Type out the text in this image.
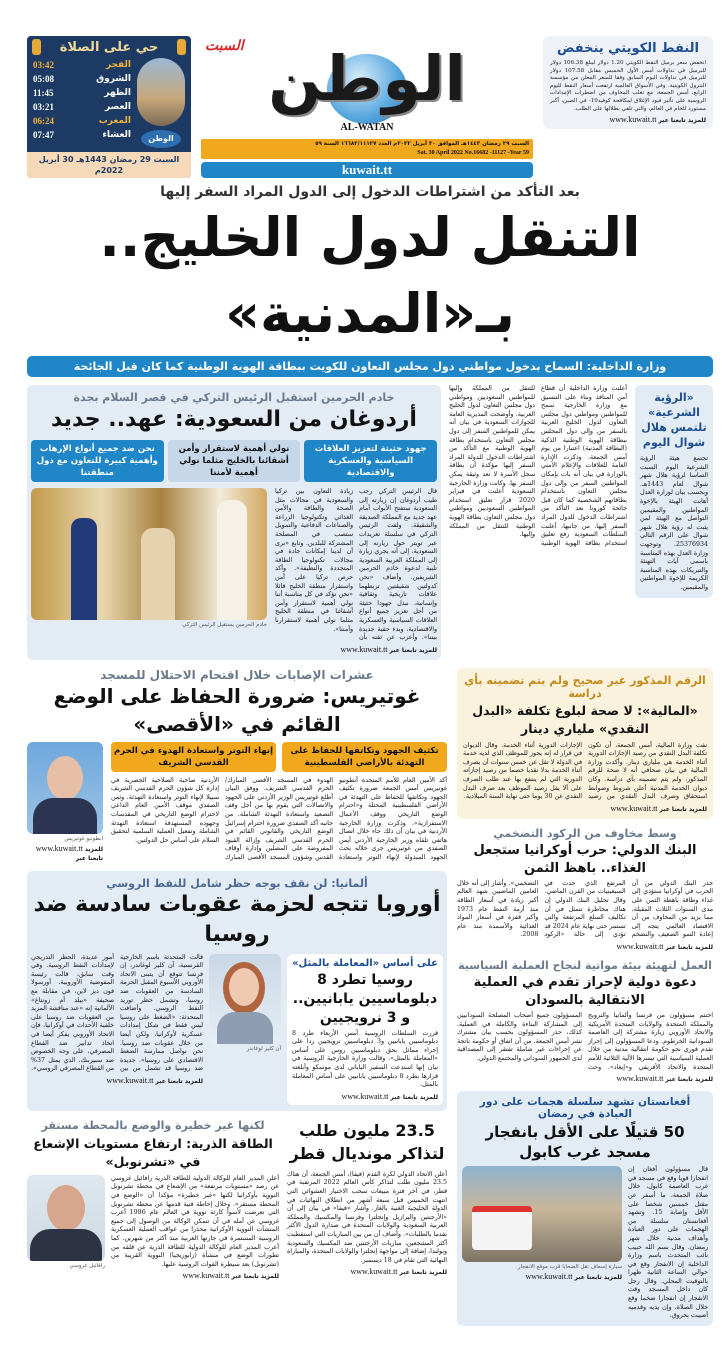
النفط الكويتي ينخفض
انخفض سعر برميل النفط الكويتي 1.20 دولار ليبلغ 106.38 دولار للبرميل في تداولات أمس الأول الخميس مقابل 107.58 دولار للبرميل في تداولات اليوم السابق وفقا للسعر المعلن من مؤسسة البترول الكويتية. وفي الأسواق العالمية ارتفعت أسعار النفط لليوم الرابع، أمس الجمعة، مع تغلب المخاوف من اضطراب الإمدادات الروسية على تأثير قيود الإغلاق لمكافحة كوفيد19- في الصين، أكبر مستورد للخام في العالم، والتي تلقي بظلالها على الطلب.
www.kuwait.tt للمزيد تابعنا عبر
الوطن
السبت
AL-WATAN
السبت ٢٩ رمضان ١٤٤٣هـ الموافق ٣٠ أبريل ٢٠٢٢م العدد ١٦٦٨٢/١١١٢٧ السنة ٥٩
Sat. 30 April 2022 No.16682 -11127 -Year 59
kuwait.tt
حي على الصلاة
الوطن
الفجر
03:42
الشروق
05:08
الظهر
11:45
العصر
03:21
المغرب
06:24
العشاء
07:47
السبت 29 رمضان 1443هـ 30 أبريل 2022م
بعد التأكد من اشتراطات الدخول إلى الدول المراد السفر إليها
التنقل لدول الخليج.. بـ«المدنية»
وزارة الداخلية: السماح بدخول مواطني دول مجلس التعاون للكويت ببطاقة الهوية الوطنية كما كان قبل الجائحة
«الرؤية الشرعية» تلتمس هلال شوال اليوم
تجتمع هيئة الرؤية الشرعية اليوم السبت التماسا لرؤية هلال شهر شوال لعام 1443هـ. وبحسب بيان لوزارة العدل أهابت الهيئة بالإخوة المواطنين والمقيمين التواصل مع الهيئة لمن يثبت له رؤية هلال شهر شوال على الرقم التالي 25376934. وتوجهت وزارة العدل بهذه المناسبة باسمى آيات التهنئة والتبريكات بهذه المناسبة الكريمة للإخوة المواطنين والمقيمين.
أعلنت وزارة الداخلية أن قطاع أمن المنافذ وبناء على التنسيق مع وزارة الخارجية سمح للمواطنين ومواطني دول مجلس التعاون لدول الخليج العربية بالسفر من وإلى دول المجلس ببطاقة الهوية الوطنية الذكية (البطاقة المدنية) اعتبارا من يوم أمس الجمعة. وذكرت الإدارة العامة للعلاقات والإعلام الأمني بالوزارة في بيان أنه بات بإمكان المواطنين السفر من وإلى دول مجلس التعاون باستخدام بطاقاتهم الشخصية كما كان قبل جائحة كورونا بعد التأكد من اشتراطات الدخول للدول المراد السفر إليها. من جانبها، أعلنت السلطات السعودية رفع تعليق استخدام بطاقة الهوية الوطنية للتنقل من المملكة وإليها للمواطنين السعوديين ومواطني دول مجلس التعاون لدول الخليج العربية. وأوضحت المديرية العامة للجوازات السعودية في بيان أنه يمكن للمواطنين السفر إلى دول مجلس التعاون باستخدام بطاقة الهوية الوطنية مع التأكد من اشتراطات الدخول للدولة المراد السفر إليها مؤكدة أن بطاقة سجل الأسرة لا تعد وثيقة يمكن السفر بها. وكانت وزارة الخارجية السعودية أعلنت في فبراير 2020 قرار تعليق استخدام المواطنين السعوديين ومواطني دول مجلس التعاون بطاقة الهوية الوطنية للتنقل من المملكة وإليها.
خادم الحرمين استقبل الرئيس التركي في قصر السلام بجدة
أردوغان من السعودية: عهد.. جديد
جهود حثيثة لتعزيز العلاقات السياسية والعسكرية والاقتصادية
نولي أهمية لاستقرار وأمن أشقائنا بالخليج مثلما نولي أهمية لأمننا
نحن ضد جميع أنواع الإرهاب وأهمية كبيرة للتعاون مع دول منطقتنا
قال الرئيس التركي رجب طيب أردوغان إن زيارته إلى السعودية ستفتح الأبواب أمام عهد جديد مع المملكة الصديقة والشقيقة. ولفت الرئيس التركي في سلسلة تغريدات عبر تويتر حول زيارته إلى السعودية، إلى أنه يجري زيارة إلى المملكة العربية السعودية تلبية لدعوة خادم الحرمين الشريفين. وأضاف «نحن كدولتين شقيقتين تربطهما علاقات تاريخية وثقافية وإنسانية، نبذل جهودا حثيثة من أجل تعزيز جميع أنواع العلاقات السياسية والعسكرية والاقتصادية، وبدء حقبة جديدة بيننا». وأعرب عن ثقته بأن زيادة التعاون بين تركيا والسعودية في مجالات مثل الصحة والطاقة والأمن الغذائي وتكنولوجيا الزراعة والصناعات الدفاعية والتمويل ستصب في المصلحة المشتركة للبلدين. وتابع «نرى أن لدينا إمكانات جادة في مجالات تكنولوجيا الطاقة المتجددة والنظيفة». وأكد حرص تركيا على أمن واستقرار منطقة الخليج قائلا «نحن نؤكد في كل مناسبة أننا نولي أهمية لاستقرار وأمن أشقائنا في منطقة الخليج مثلما نولي أهمية لاستقرارنا وأمننا».
www.kuwait.tt للمزيد تابعنا عبر
خادم الحرمين يستقبل الرئيس التركي
الرقم المذكور غير صحيح ولم يتم تضمينه بأي دراسة
«المالية»: لا صحة لبلوغ تكلفة «البدل النقدي» ملياري دينار
نفت وزارة المالية، أمس الجمعة، أن تكون تكلفة البدل النقدي من رصيد الإجازات الدورية أثناء الخدمة هي ملياري دينار. وأكدت وزارة المالية في بيان صحافي أنه لا صحة للرقم المذكور، ولم يتم تضمينه بأي دراسة. وكان ديوان الخدمة المدنية أعلن شروط وضوابط استحقاق وصرف البدل النقدي من رصيد الإجازات الدورية أثناء الخدمة. وقال الديوان في قرار له إنه يجوز للموظف الذي لديه خدمة في الدولة لا تقل عن خمس سنوات أن يصرف أثناء الخدمة بدلا نقديا خصما من رصيد إجازاته الدورية التي لم ينتفع بها عند طلب الصرف على ألا يقل رصيد الموظف بعد صرف البدل النقدي عن 30 يوما حتى نهاية السنة الميلادية.
www.kuwait.tt للمزيد تابعنا عبر
وسط مخاوف من الركود التضخمي
البنك الدولي: حرب أوكرانيا ستجعل الغذاء.. باهظ الثمن
حذر البنك الدولي من أن الحرب في أوكرانيا ستؤدي إلى غذاء وطاقة باهظة الثمن على مدى السنوات الثلاث المقبلة، مما يزيد من المخاوف من أن الاقتصاد العالمي يتجه إلى إعادة النمو الضعيف والتضخم المرتفع الذي حدث في السبعينيات من القرن الماضي. وقال تحليل البنك الدولي إن هناك مخاطرة تتمثل في أن تكاليف السلع المرتفعة والتي تستمر حتى نهاية عام 2024 قد تؤدي إلى حالة «الركود التضخمي». وأشار إلى أنه خلال العامين الماضيين شهد العالم أكبر زيادة في أسعار الطاقة منذ أزمة النفط عام 1973 وأكبر قفزة في أسعار المواد الغذائية والأسمدة منذ عام 2008.
www.kuwait.tt للمزيد تابعنا عبر
العمل لتهيئة بيئة مواتية لنجاح العملية السياسية
دعوة دولية لإحراز تقدم في العملية الانتقالية بالسودان
اختتم مسؤولون من فرنسا وألمانيا والنرويج والمملكة المتحدة والولايات المتحدة الأمريكية والاتحاد الأوروبي زيارة مشتركة إلى العاصمة السودانية الخرطوم. ودعا المسؤولون إلى إحراز تقدم فوري نحو حكومة انتقالية مدنية من خلال العملية السياسية التي تيسرها الآلية الثلاثية للأمم المتحدة والاتحاد الأفريقي و«إيغاد». وحث المسؤولون جميع أصحاب المصلحة السودانيين إلى المشاركة البناءة والكاملة في العملية. كذلك، حذر المسؤولون بحسب بيان مشترك نشر أمس الجمعة، من أن اتفاق أو حكومة ناتجة عن إجراءات غير شاملة تفتقر إلى المصداقية لدى الجمهور السوداني والمجتمع الدولي.
www.kuwait.tt للمزيد تابعنا عبر
أفغانستان تشهد سلسلة هجمات على دور العبادة في رمضان
50 قتيلًا على الأقل بانفجار مسجد غرب كابول
قال مسؤولون أفغان إن انفجارا قويا وقع في مسجد في غرب العاصمة كابول، خلال صلاة الجمعة، ما أسفر عن مقتل خمسين شخصا على الأقل وإصابة 15. وتشهد أفغانستان سلسلة من الهجمات على دور العبادة وأهداف مدنية خلال شهر رمضان. وقال بسم الله حبيب نائب المتحدث باسم وزارة الداخلية إن الانفجار وقع في حوالي الساعة الثانية ظهرا بالتوقيت المحلي. وقال رجل كان داخل المسجد وقت الانفجار إن انفجارا ضخما وقع خلال الصلاة، وإن يديه وقدميه أصيبت بحروق.
سيارة إسعاف تقل الضحايا قرب موقع الانفجار
www.kuwait.tt للمزيد تابعنا عبر
عشرات الإصابات خلال اقتحام الاحتلال للمسجد
غوتيريس: ضرورة الحفاظ على الوضع القائم في «الأقصى»
تكثيف الجهود وتكاتفها للحفاظ على التهدئة بالأراضي الفلسطينية
إنهاء التوتر واستعادة الهدوء في الحرم القدسي الشريف
أكد الأمين العام للأمم المتحدة أنطونيو غوتيريس أمس الجمعة ضرورة تكثيف الجهود وتكاتفها للحفاظ على التهدئة في الأراضي الفلسطينية المحتلة و«احترام الوضع التاريخي ووقف الأعمال الاستفزازية». وذكرت وزارة الخارجية الأردنية في بيان أن ذلك جاء خلال اتصال هاتفي تلقاه وزير الخارجية الأردني أيمن الصفدي من غوتيريس جرى خلاله بحث الجهود المبذولة لإنهاء التوتر واستعادة الهدوء في المسجد الأقصى المبارك/ الحرم القدسي الشريف. ووفق البيان أطلع غوتيريس الوزير الأردني على الجهود والاتصالات التي يقوم بها من أجل وقف التصعيد واستعادة التهدئة الشاملة. من جانبه أكد الصفدي ضرورة احترام إسرائيل الوضع التاريخي والقانوني القائم في الحرم القدسي الشريف وإزالة القيود المفروضة على المصلين وإدارة أوقاف القدس وشؤون المسجد الأقصى المبارك الأردنية صاحبة الصلاحية الحصرية في إدارة كل شؤون الحرم القدسي الشريف سبيلا لإنهاء التوتر واستعادة التهدئة. وثمن الصفدي موقف الأمين العام الداعي لاحترام الوضع التاريخي في المقدسات وجهوده المستهدفة استعادة التهدئة الشاملة وتفعيل العملية السلمية لتحقيق السلام على أساس حل الدولتين.
أنطونيو غوتيريس
www.kuwait.tt للمزيد تابعنا عبر
ألمانيا: لن نقف بوجه حظر شامل للنفط الروسي
أوروبا تتجه لحزمة عقوبات سادسة ضد روسيا
على أساس «المعاملة بالمثل»
روسيا تطرد 8 دبلوماسيين يابانيين.. و 3 نرويجيين
قررت السلطات الروسية أمس الأربعاء طرد 8 دبلوماسيين يابانيين و3 دبلوماسيين نرويجيين ردا على إجراء مماثل بحق دبلوماسيين روس على أساس «المعاملة بالمثل». وقالت وزارة الخارجية الروسية في بيان إنها استدعت السفير الياباني لدى موسكو وأبلغته قرارها بطرد 8 دبلوماسيين يابانيين على أساس المعاملة بالمثل.
www.kuwait.tt للمزيد تابعنا عبر
آن كلير لوغاندر
قالت المتحدثة باسم الخارجية الفرنسية، آن كلير لوغاندر، إن فرنسا تتوقع أن يتبنى الاتحاد الأوروبي الأسبوع المقبل الحزمة السادسة من العقوبات ضد روسيا، وتشمل حظر توريد النفط الروسي. وأضافت المتحدثة: «الضغط على روسيا ليس فقط في شكل إمدادات عسكرية لأوكرانيا، ولكن أيضا من خلال عقوبات ضد روسيا. نحن نواصل ممارسة الضغط الاقتصادي على روسيا». جديدة ضد روسيا قد تشمل من بين أمور عديدة، الحظر التدريجي لإمدادات النفط الروسية. وفي وقت سابق، قالت رئيسة المفوضية الأوروبية، أورسولا فون دير لاين، في مقابلة مع صحيفة «بيلد أم زونتاغ» الألمانية إنه «عند مناقشة المزيد من العقوبات ضد روسيا على خلفية الأحداث في أوكرانيا، فإن الاتحاد الأوروبي يفكر أيضا في اتخاذ تدابير ضد القطاع المصرفي، على وجه الخصوص ضد سبيربنك، الذي يمثل 37% من القطاع المصرفي الروسي».
www.kuwait.tt للمزيد تابعنا عبر
23.5 مليون طلب
لتذاكر مونديال قطر
أعلن الاتحاد الدولي لكرة القدم (فيفا)، أمس الجمعة، أن هناك 23.5 مليون طلب لتذاكر كأس العالم 2022 المرتقبة في قطر، في آخر فترة مبيعات سحب الاختيار العشوائي التي انتهت الخميس قبل سبعة أشهر من انطلاق النهائيات في الدولة الخليجية الغنية بالغاز. وأشار «فيفا» في بيان إلى أن «الأرجنتين والبرازيل وإنجلترا وفرنسا والمكسيك والمملكة العربية السعودية والولايات المتحدة في صدارة الدول الأكثر تقدما بالطلبات». وأضاف أن من بين المباريات التي استقطبت أكثر المشجعين، مباريات الأرجنتين ضد المكسيك والسعودية وبولندا، إضافة إلى مواجهة إنجلترا والولايات المتحدة، والمباراة النهائية التي تقام في 18 ديسمبر.
www.kuwait.tt للمزيد تابعنا عبر
لكنها غير خطيرة والوضع بالمحطة مستقر
الطاقة الذرية: ارتفاع مستويات الإشعاع في «تشرنوبل»
أعلن المدير العام للوكالة الدولية للطاقة الذرية رافائيل غروسي عن رصد «مستويات مرتفعة» من الإشعاع في محطة تشرنوبل النووية بأوكرانيا لكنها «غير خطيرة» مؤكدا أن «الوضع في المحطة مستقر». وخلال إحاطة فنية قدمها عن محطة تشرنوبل التي تعرضت لأسوأ كارثة نووية في العالم عام 1986 أعرب غروسي عن أمله في أن تتمكن الوكالة من الوصول إلى جميع المنشآت النووية الأوكرانية محذرا من عواقب العملية العسكرية الروسية المستمرة في جارتها الغربية منذ أكثر من شهرين. كما أعرب المدير العام للوكالة الدولية للطاقة الذرية عن قلقه من تطورات الوضع في منشأة (زابوريجيا) النووية القريبة من (تشرنوبل) بعد سيطرة القوات الروسية عليها.
www.kuwait.tt للمزيد تابعنا عبر
رافائيل غروسي
